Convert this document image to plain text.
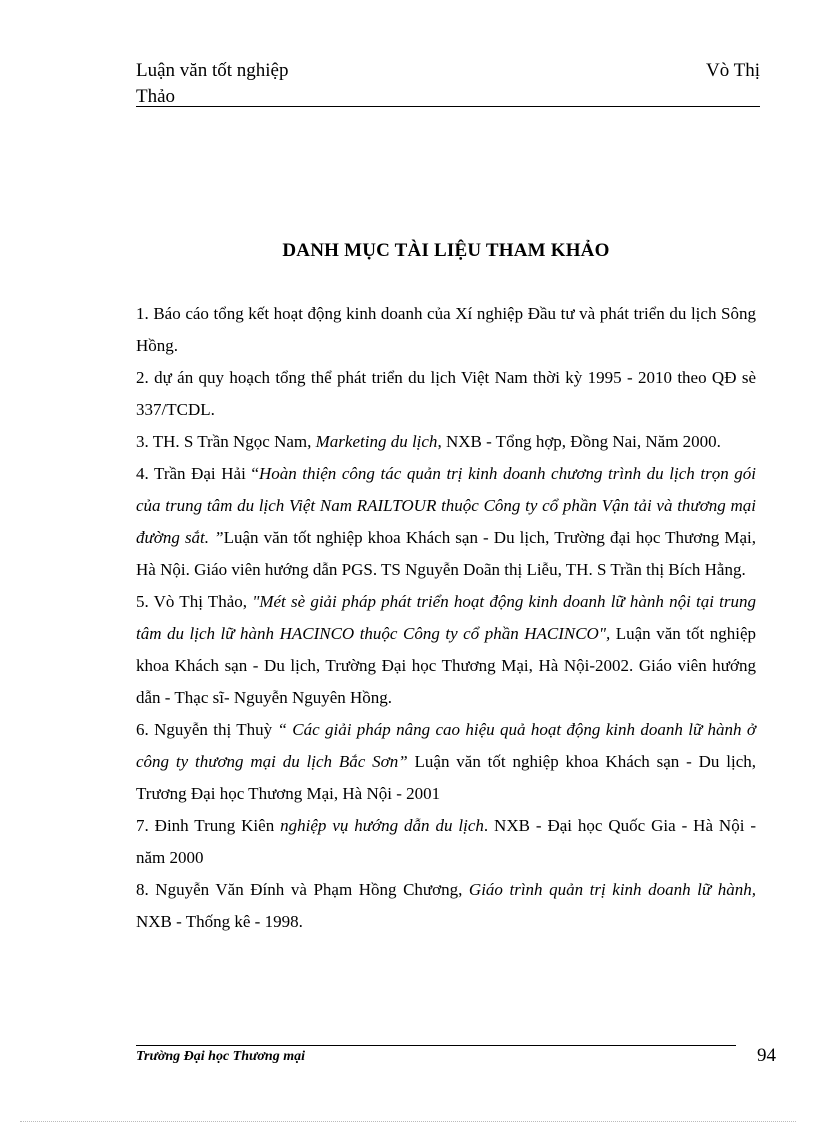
Luận văn tốt nghiệp	Vò Thị
Thảo
DANH MỤC TÀI LIỆU THAM KHẢO

1. Báo cáo tổng kết hoạt động kinh doanh của Xí nghiệp Đầu tư và phát triển du lịch Sông Hồng.

2. dự án quy hoạch tổng thể phát triển du lịch Việt Nam thời kỳ 1995 - 2010 theo QĐ sè 337/TCDL.

3. TH. S Trần Ngọc Nam, Marketing du lịch, NXB - Tổng hợp, Đồng Nai, Năm 2000.

4. Trần Đại Hải “Hoàn thiện công tác quản trị kinh doanh chương trình du lịch trọn gói của trung tâm du lịch Việt Nam RAILTOUR thuộc Công ty cổ phần Vận tải và thương mại đường sắt. ”Luận văn tốt nghiệp khoa Khách sạn - Du lịch, Trường đại học Thương Mại, Hà Nội. Giáo viên hướng dẫn PGS. TS Nguyễn Doãn thị Liễu, TH. S Trần thị Bích Hằng.

5. Vò Thị Thảo, "Mét sè giải pháp phát triển hoạt động kinh doanh lữ hành nội tại trung tâm du lịch lữ hành HACINCO thuộc Công ty cổ phần HACINCO", Luận văn tốt nghiệp khoa Khách sạn - Du lịch, Trường Đại học Thương Mại, Hà Nội-2002. Giáo viên hướng dẫn - Thạc sĩ- Nguyễn Nguyên Hồng.

6. Nguyễn thị Thuỳ “ Các giải pháp nâng cao hiệu quả hoạt động kinh doanh lữ hành ở công ty thương mại du lịch Bắc Sơn” Luận văn tốt nghiệp khoa Khách sạn - Du lịch, Trương Đại học Thương Mại, Hà Nội - 2001

7. Đinh Trung Kiên nghiệp vụ hướng dẫn du lịch. NXB - Đại học Quốc Gia - Hà Nội - năm 2000

8. Nguyễn Văn Đính và Phạm Hồng Chương, Giáo trình quản trị kinh doanh lữ hành, NXB - Thống kê - 1998.

Trường Đại học Thương mại	94
